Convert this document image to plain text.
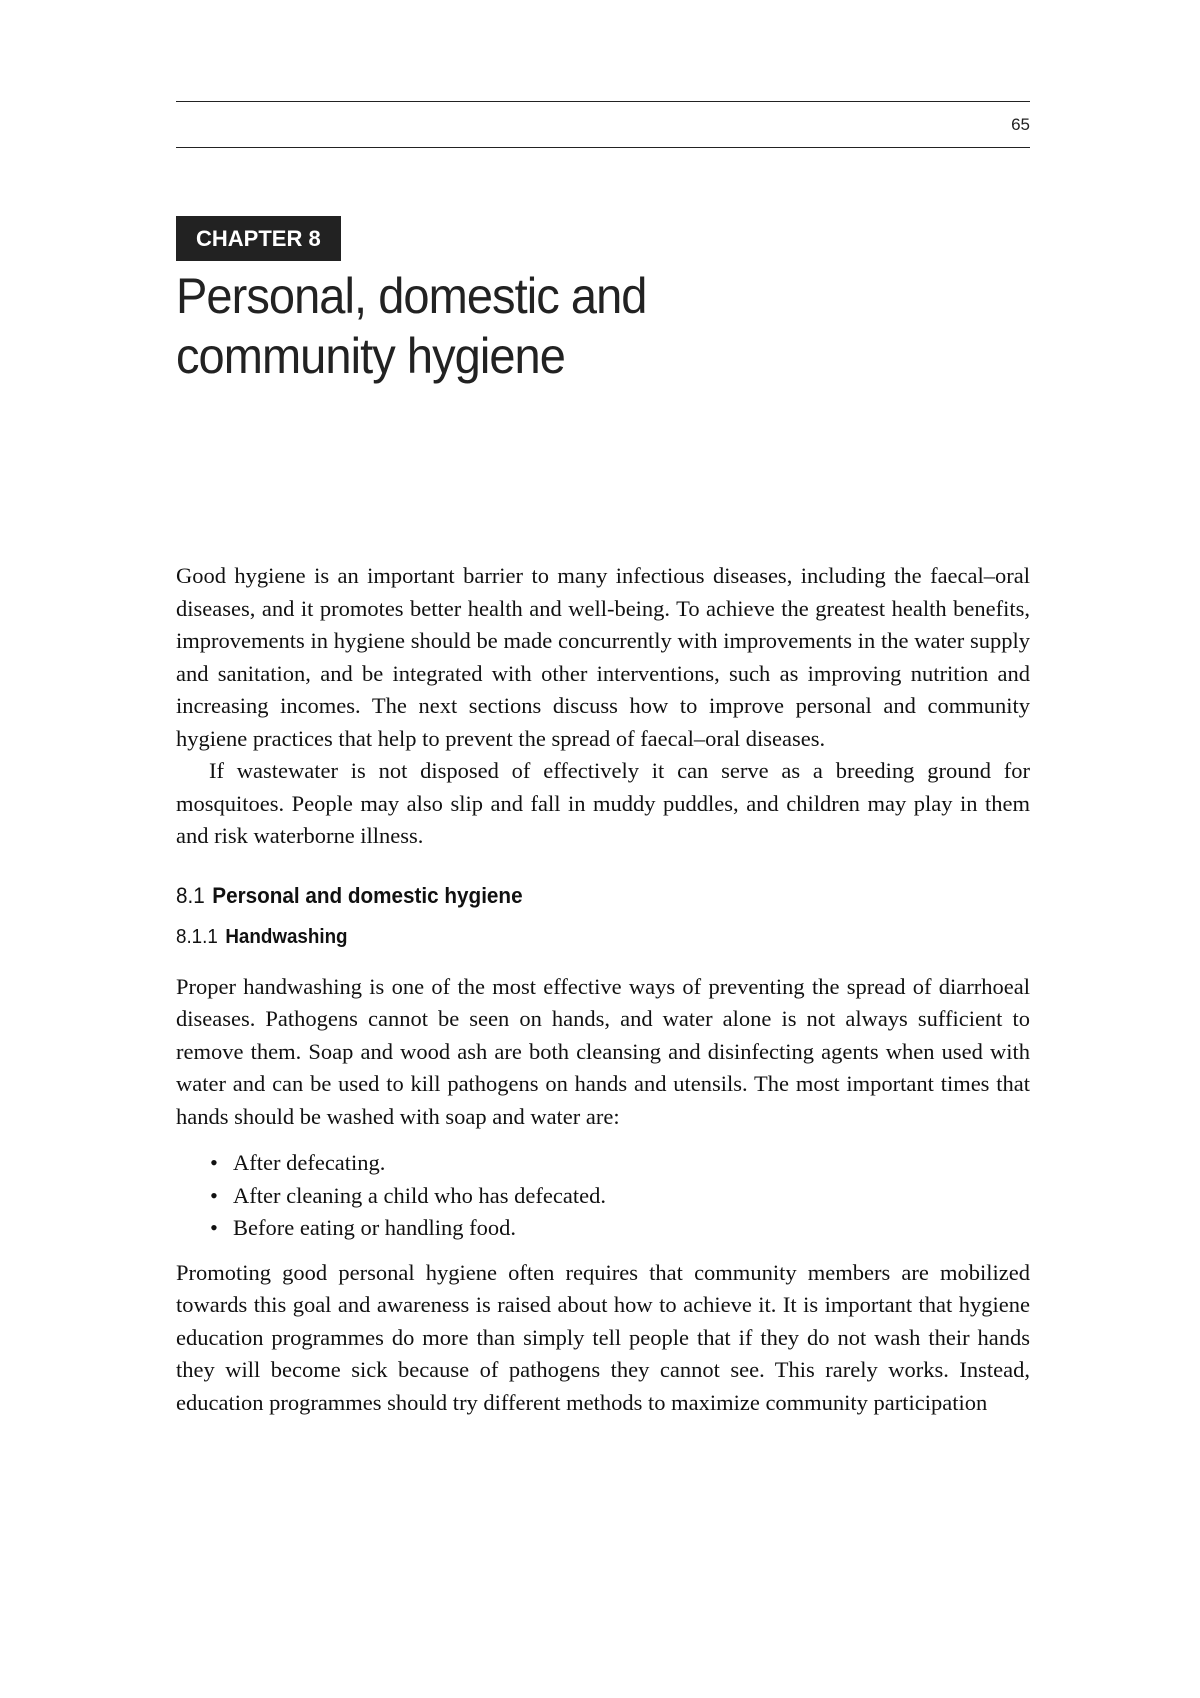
65
CHAPTER 8
Personal, domestic and
community hygiene

Good hygiene is an important barrier to many infectious diseases, including the faecal–oral diseases, and it promotes better health and well-being. To achieve the greatest health benefits, improvements in hygiene should be made concurrently with improvements in the water supply and sanitation, and be integrated with other interventions, such as improving nutrition and increasing incomes. The next sections discuss how to improve personal and community hygiene practices that help to prevent the spread of faecal–oral diseases.

If wastewater is not disposed of effectively it can serve as a breeding ground for mosquitoes. People may also slip and fall in muddy puddles, and children may play in them and risk waterborne illness.

8.1 Personal and domestic hygiene
8.1.1 Handwashing

Proper handwashing is one of the most effective ways of preventing the spread of diarrhoeal diseases. Pathogens cannot be seen on hands, and water alone is not always sufficient to remove them. Soap and wood ash are both cleansing and disinfecting agents when used with water and can be used to kill pathogens on hands and utensils. The most important times that hands should be washed with soap and water are:

• After defecating.
• After cleaning a child who has defecated.
• Before eating or handling food.

Promoting good personal hygiene often requires that community members are mobilized towards this goal and awareness is raised about how to achieve it. It is important that hygiene education programmes do more than simply tell people that if they do not wash their hands they will become sick because of pathogens they cannot see. This rarely works. Instead, education programmes should try different methods to maximize community participation
